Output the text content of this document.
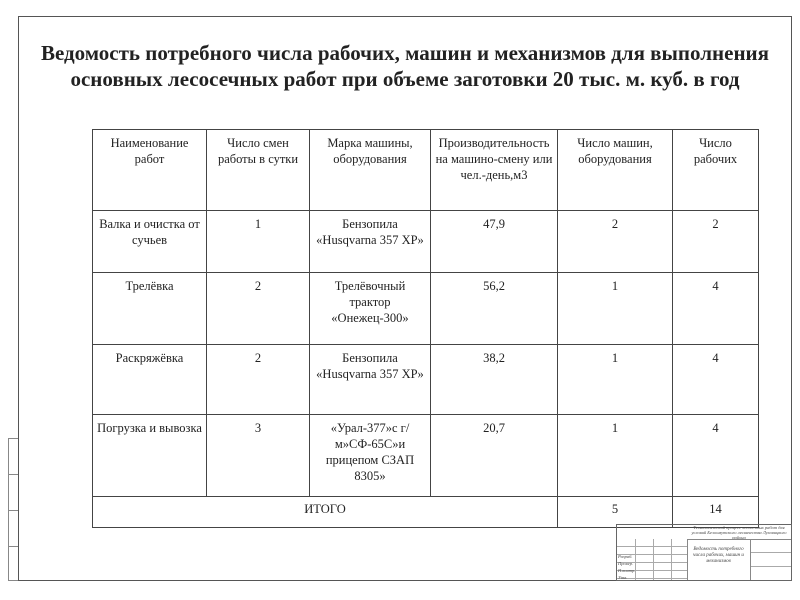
Ведомость потребного числа рабочих, машин и механизмов для выполнения основных лесосечных работ при объеме заготовки 20 тыс. м. куб. в год
Наименование работ	Число смен работы в сутки	Марка машины, оборудования	Производительность на машино-смену или чел.-день,м3	Число машин, оборудования	Число рабочих
Валка и очистка от сучьев	1	Бензопила «Husqvarna 357 XP»	47,9	2	2
Трелёвка	2	Трелёвочный трактор «Онежец-300»	56,2	1	4
Раскряжёвка	2	Бензопила «Husqvarna 357 XP»	38,2	1	4
Погрузка и вывозка	3	«Урал-377»с г/м»СФ-65С»и прицепом СЗАП 8305»	20,7	1	4
ИТОГО				5	14
Технологический процесс лесосечных работ для условий Белоомутского лесничества Луховицкого района
Разраб.
Провер.
Н.контр.
Утв.
Ведомость потребного числа рабочих, машин и механизмов
